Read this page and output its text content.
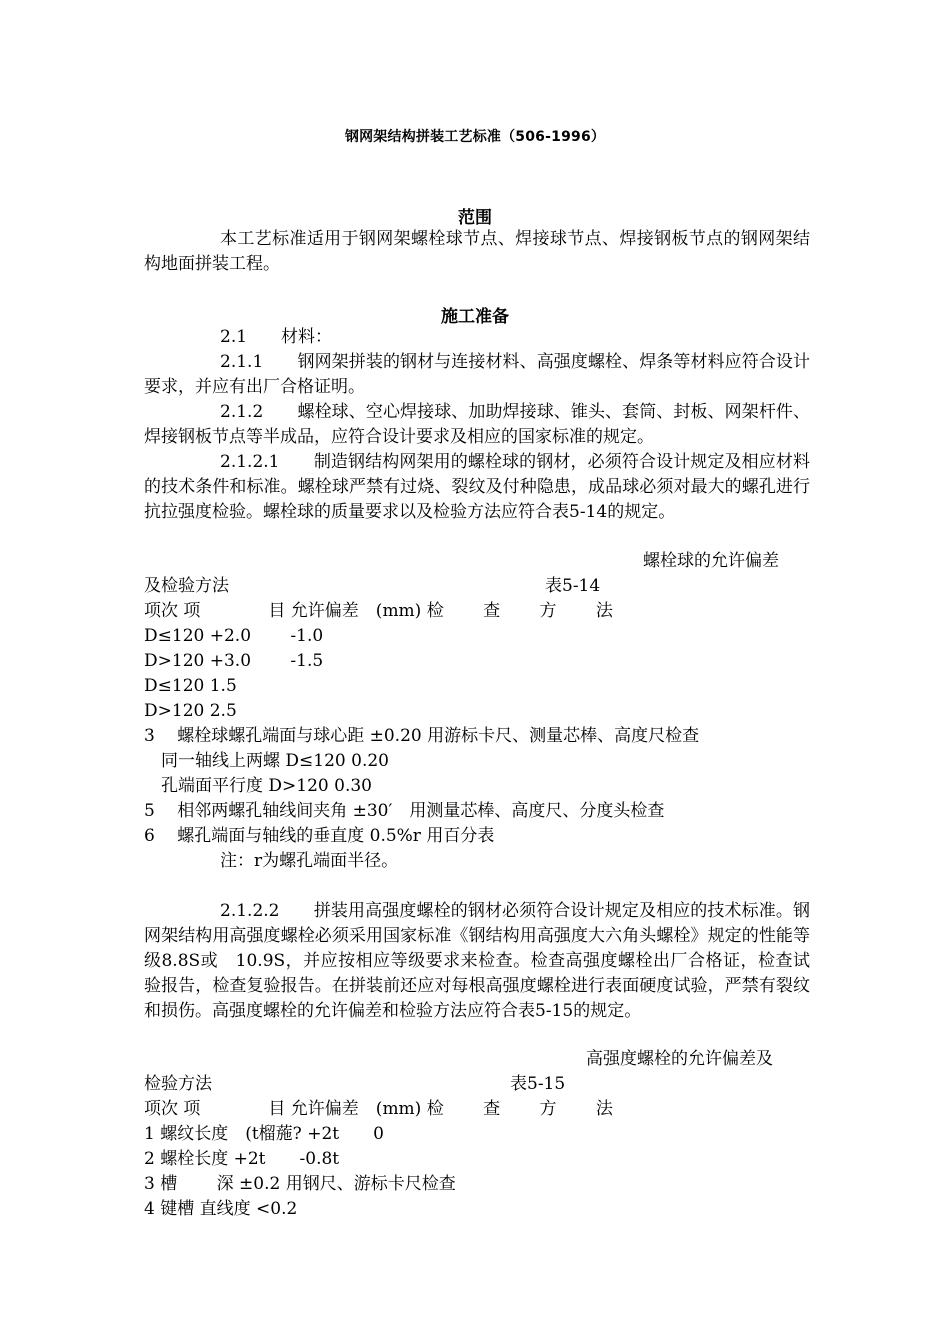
钢网架结构拼装工艺标准（506-1996）
范围
本工艺标准适用于钢网架螺栓球节点、焊接球节点、焊接钢板节点的钢网架结构地面拼装工程。
施工准备
2.1　　材料：
2.1.1　　钢网架拼装的钢材与连接材料、高强度螺栓、焊条等材料应符合设计要求，并应有出厂合格证明。
2.1.2　　螺栓球、空心焊接球、加助焊接球、锥头、套筒、封板、网架杆件、焊接钢板节点等半成品，应符合设计要求及相应的国家标准的规定。
2.1.2.1　　制造钢结构网架用的螺栓球的钢材，必须符合设计规定及相应材料的技术条件和标准。螺栓球严禁有过烧、裂纹及付种隐患，成品球必须对最大的螺孔进行抗拉强度检验。螺栓球的质量要求以及检验方法应符合表5-14的规定。
螺栓球的允许偏差
及检验方法	表5-14
项次 项　　　　目 允许偏差　(mm) 检　　 查　　 方　　 法
D≤120 +2.0　　 -1.0
D>120 +3.0　　 -1.5
D≤120 1.5
D>120 2.5
3　 螺栓球螺孔端面与球心距 ±0.20 用游标卡尺、测量芯棒、高度尺检查
　同一轴线上两螺 D≤120 0.20
　孔端面平行度 D>120 0.30
5　 相邻两螺孔轴线间夹角 ±30′　用测量芯棒、高度尺、分度头检查
6　 螺孔端面与轴线的垂直度 0.5%r 用百分表
注：r为螺孔端面半径。
2.1.2.2　　拼装用高强度螺栓的钢材必须符合设计规定及相应的技术标准。钢网架结构用高强度螺栓必须采用国家标准《钢结构用高强度大六角头螺栓》规定的性能等级8.8S或　10.9S，并应按相应等级要求来检查。检查高强度螺栓出厂合格证，检查试验报告，检查复验报告。在拼装前还应对每根高强度螺栓进行表面硬度试验，严禁有裂纹和损伤。高强度螺栓的允许偏差和检验方法应符合表5-15的规定。
高强度螺栓的允许偏差及
检验方法	表5-15
项次 项　　　　目 允许偏差　(mm) 检　　 查　　 方　　 法
1 螺纹长度　(t榴葹? +2t　　0
2 螺栓长度 +2t　　-0.8t
3 槽　　 深 ±0.2 用钢尺、游标卡尺检查
4 键槽 直线度 <0.2
